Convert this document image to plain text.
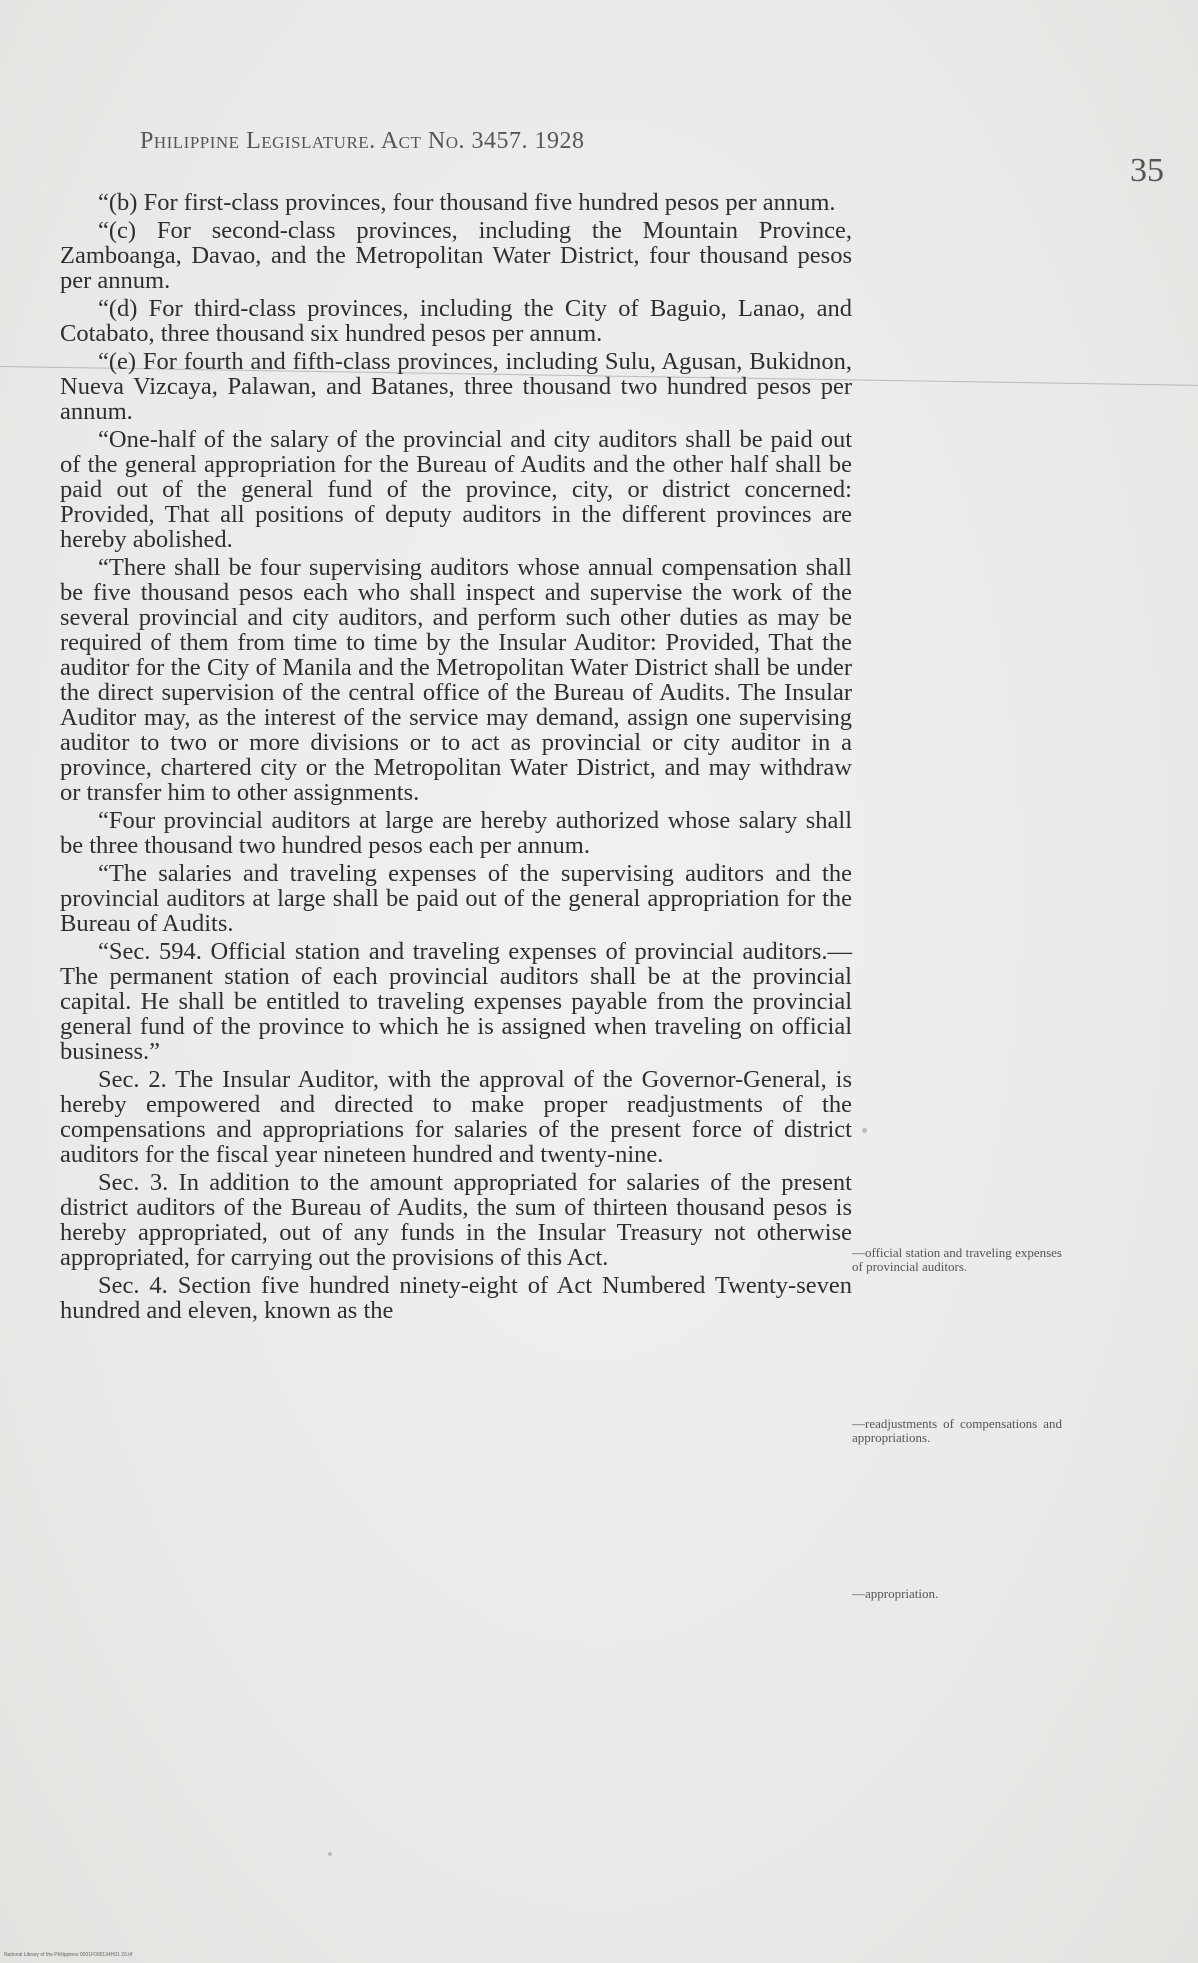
Philippine Legislature. Act No. 3457. 1928
35

“(b) For first-class provinces, four thousand five hundred pesos per annum.

“(c) For second-class provinces, including the Mountain Province, Zamboanga, Davao, and the Metropolitan Water District, four thousand pesos per annum.

“(d) For third-class provinces, including the City of Baguio, Lanao, and Cotabato, three thousand six hundred pesos per annum.

“(e) For fourth and fifth-class provinces, including Sulu, Agusan, Bukidnon, Nueva Vizcaya, Palawan, and Batanes, three thousand two hundred pesos per annum.

“One-half of the salary of the provincial and city auditors shall be paid out of the general appropriation for the Bureau of Audits and the other half shall be paid out of the general fund of the province, city, or district concerned: Provided, That all positions of deputy auditors in the different provinces are hereby abolished.

“There shall be four supervising auditors whose annual compensation shall be five thousand pesos each who shall inspect and supervise the work of the several provincial and city auditors, and perform such other duties as may be required of them from time to time by the Insular Auditor: Provided, That the auditor for the City of Manila and the Metropolitan Water District shall be under the direct supervision of the central office of the Bureau of Audits. The Insular Auditor may, as the interest of the service may demand, assign one supervising auditor to two or more divisions or to act as provincial or city auditor in a province, chartered city or the Metropolitan Water District, and may withdraw or transfer him to other assignments.

“Four provincial auditors at large are hereby authorized whose salary shall be three thousand two hundred pesos each per annum.

“The salaries and traveling expenses of the supervising auditors and the provincial auditors at large shall be paid out of the general appropriation for the Bureau of Audits.

“Sec. 594. Official station and traveling expenses of provincial auditors.—The permanent station of each provincial auditors shall be at the provincial capital. He shall be entitled to traveling expenses payable from the provincial general fund of the province to which he is assigned when traveling on official business.”

Sec. 2. The Insular Auditor, with the approval of the Governor-General, is hereby empowered and directed to make proper readjustments of the compensations and appropriations for salaries of the present force of district auditors for the fiscal year nineteen hundred and twenty-nine.

Sec. 3. In addition to the amount appropriated for salaries of the present district auditors of the Bureau of Audits, the sum of thirteen thousand pesos is hereby appropriated, out of any funds in the Insular Treasury not otherwise appropriated, for carrying out the provisions of this Act.

Sec. 4. Section five hundred ninety-eight of Act Numbered Twenty-seven hundred and eleven, known as the

—official station and traveling expenses of provincial auditors.
—readjustments of compensations and appropriations.
—appropriation.
National Library of the Philippines 0001F000134H01 20.tif
